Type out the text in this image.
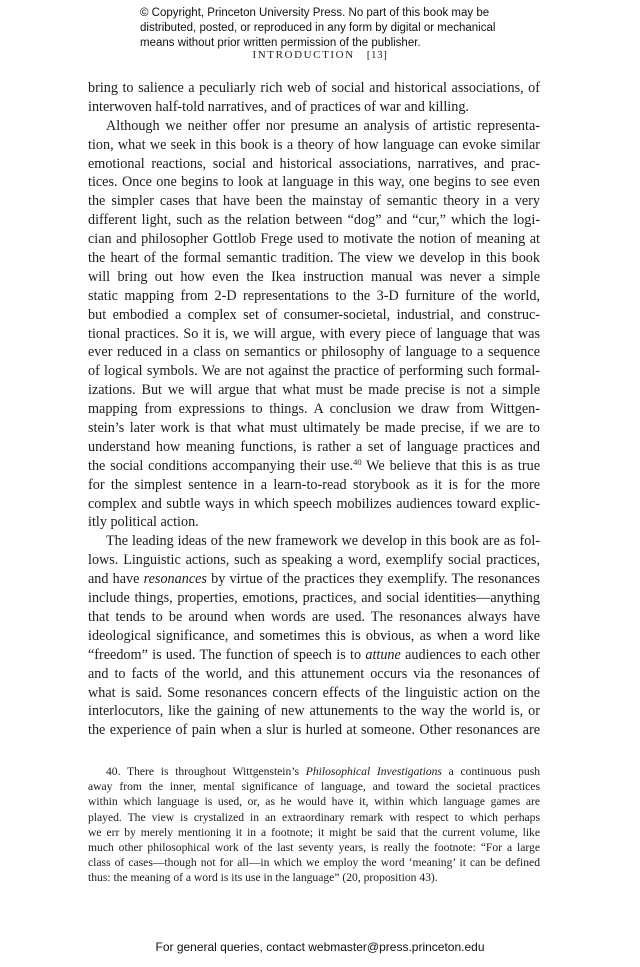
© Copyright, Princeton University Press. No part of this book may be
distributed, posted, or reproduced in any form by digital or mechanical
means without prior written permission of the publisher.
INTRODUCTION [13]
bring to salience a peculiarly rich web of social and historical associations, of
interwoven half-told narratives, and of practices of war and killing.
Although we neither offer nor presume an analysis of artistic representa-
tion, what we seek in this book is a theory of how language can evoke similar
emotional reactions, social and historical associations, narratives, and prac-
tices. Once one begins to look at language in this way, one begins to see even
the simpler cases that have been the mainstay of semantic theory in a very
different light, such as the relation between “dog” and “cur,” which the logi-
cian and philosopher Gottlob Frege used to motivate the notion of meaning at
the heart of the formal semantic tradition. The view we develop in this book
will bring out how even the Ikea instruction manual was never a simple
static mapping from 2-D representations to the 3-D furniture of the world,
but embodied a complex set of consumer-societal, industrial, and construc-
tional practices. So it is, we will argue, with every piece of language that was
ever reduced in a class on semantics or philosophy of language to a sequence
of logical symbols. We are not against the practice of performing such formal-
izations. But we will argue that what must be made precise is not a simple
mapping from expressions to things. A conclusion we draw from Wittgen-
stein’s later work is that what must ultimately be made precise, if we are to
understand how meaning functions, is rather a set of language practices and
the social conditions accompanying their use.$^{40}$ We believe that this is as true
for the simplest sentence in a learn-to-read storybook as it is for the more
complex and subtle ways in which speech mobilizes audiences toward explic-
itly political action.
The leading ideas of the new framework we develop in this book are as fol-
lows. Linguistic actions, such as speaking a word, exemplify social practices,
and have resonances by virtue of the practices they exemplify. The resonances
include things, properties, emotions, practices, and social identities—anything
that tends to be around when words are used. The resonances always have
ideological significance, and sometimes this is obvious, as when a word like
“freedom” is used. The function of speech is to attune audiences to each other
and to facts of the world, and this attunement occurs via the resonances of
what is said. Some resonances concern effects of the linguistic action on the
interlocutors, like the gaining of new attunements to the way the world is, or
the experience of pain when a slur is hurled at someone. Other resonances are
40. There is throughout Wittgenstein’s Philosophical Investigations a continuous push
away from the inner, mental significance of language, and toward the societal practices
within which language is used, or, as he would have it, within which language games are
played. The view is crystalized in an extraordinary remark with respect to which perhaps
we err by merely mentioning it in a footnote; it might be said that the current volume, like
much other philosophical work of the last seventy years, is really the footnote: “For a large
class of cases—though not for all—in which we employ the word ‘meaning’ it can be defined
thus: the meaning of a word is its use in the language” (20, proposition 43).
For general queries, contact webmaster@press.princeton.edu
